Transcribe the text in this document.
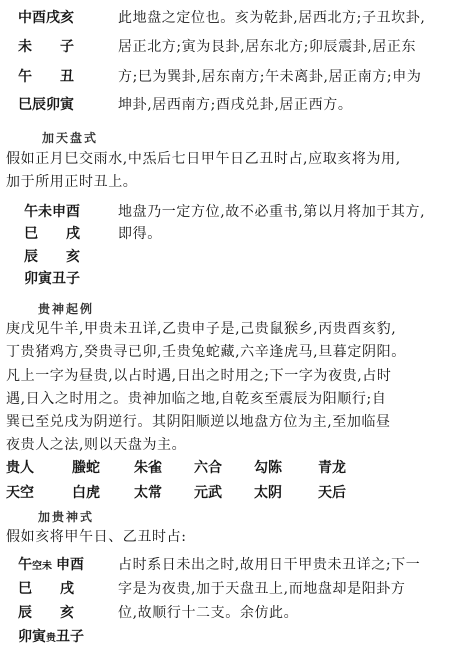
中酉戌亥
未　　子
午　　丑
巳辰卯寅
此地盘之定位也。亥为乾卦,居西北方;子丑坎卦,
居正北方;寅为艮卦,居东北方;卯辰震卦,居正东
方;巳为巽卦,居东南方;午未离卦,居正南方;申为
坤卦,居西南方;酉戌兑卦,居正西方。
加天盘式
假如正月巳交雨水,中炁后七日甲午日乙丑时占,应取亥将为用,
加于所用正时丑上。
午未申酉
巳　　戌
辰　　亥
卯寅丑子
地盘乃一定方位,故不必重书,第以月将加于其方,
即得。
贵神起例
庚戊见牛羊,甲贵未丑详,乙贵申子是,己贵鼠猴乡,丙贵酉亥豹,
丁贵猪鸡方,癸贵寻已卯,壬贵兔蛇藏,六辛逢虎马,旦暮定阴阳。
凡上一字为昼贵,以占时遇,日出之时用之;下一字为夜贵,占时
遇,日入之时用之。贵神加临之地,自乾亥至震辰为阳顺行;自
巽已至兑戌为阴逆行。其阴阳顺逆以地盘方位为主,至加临昼
夜贵人之法,则以天盘为主。
贵人	螣蛇 朱雀 六合 勾陈	青龙
天空	白虎 太常 元武 太阴	天后
加贵神式
假如亥将甲午日、乙丑时占:
午空未 申酉
巳　　戌
辰　　亥
卯寅贵丑子
占时系日未出之时,故用日干甲贵未丑详之;下一
字是为夜贵,加于天盘丑上,而地盘却是阳卦方
位,故顺行十二支。余仿此。
